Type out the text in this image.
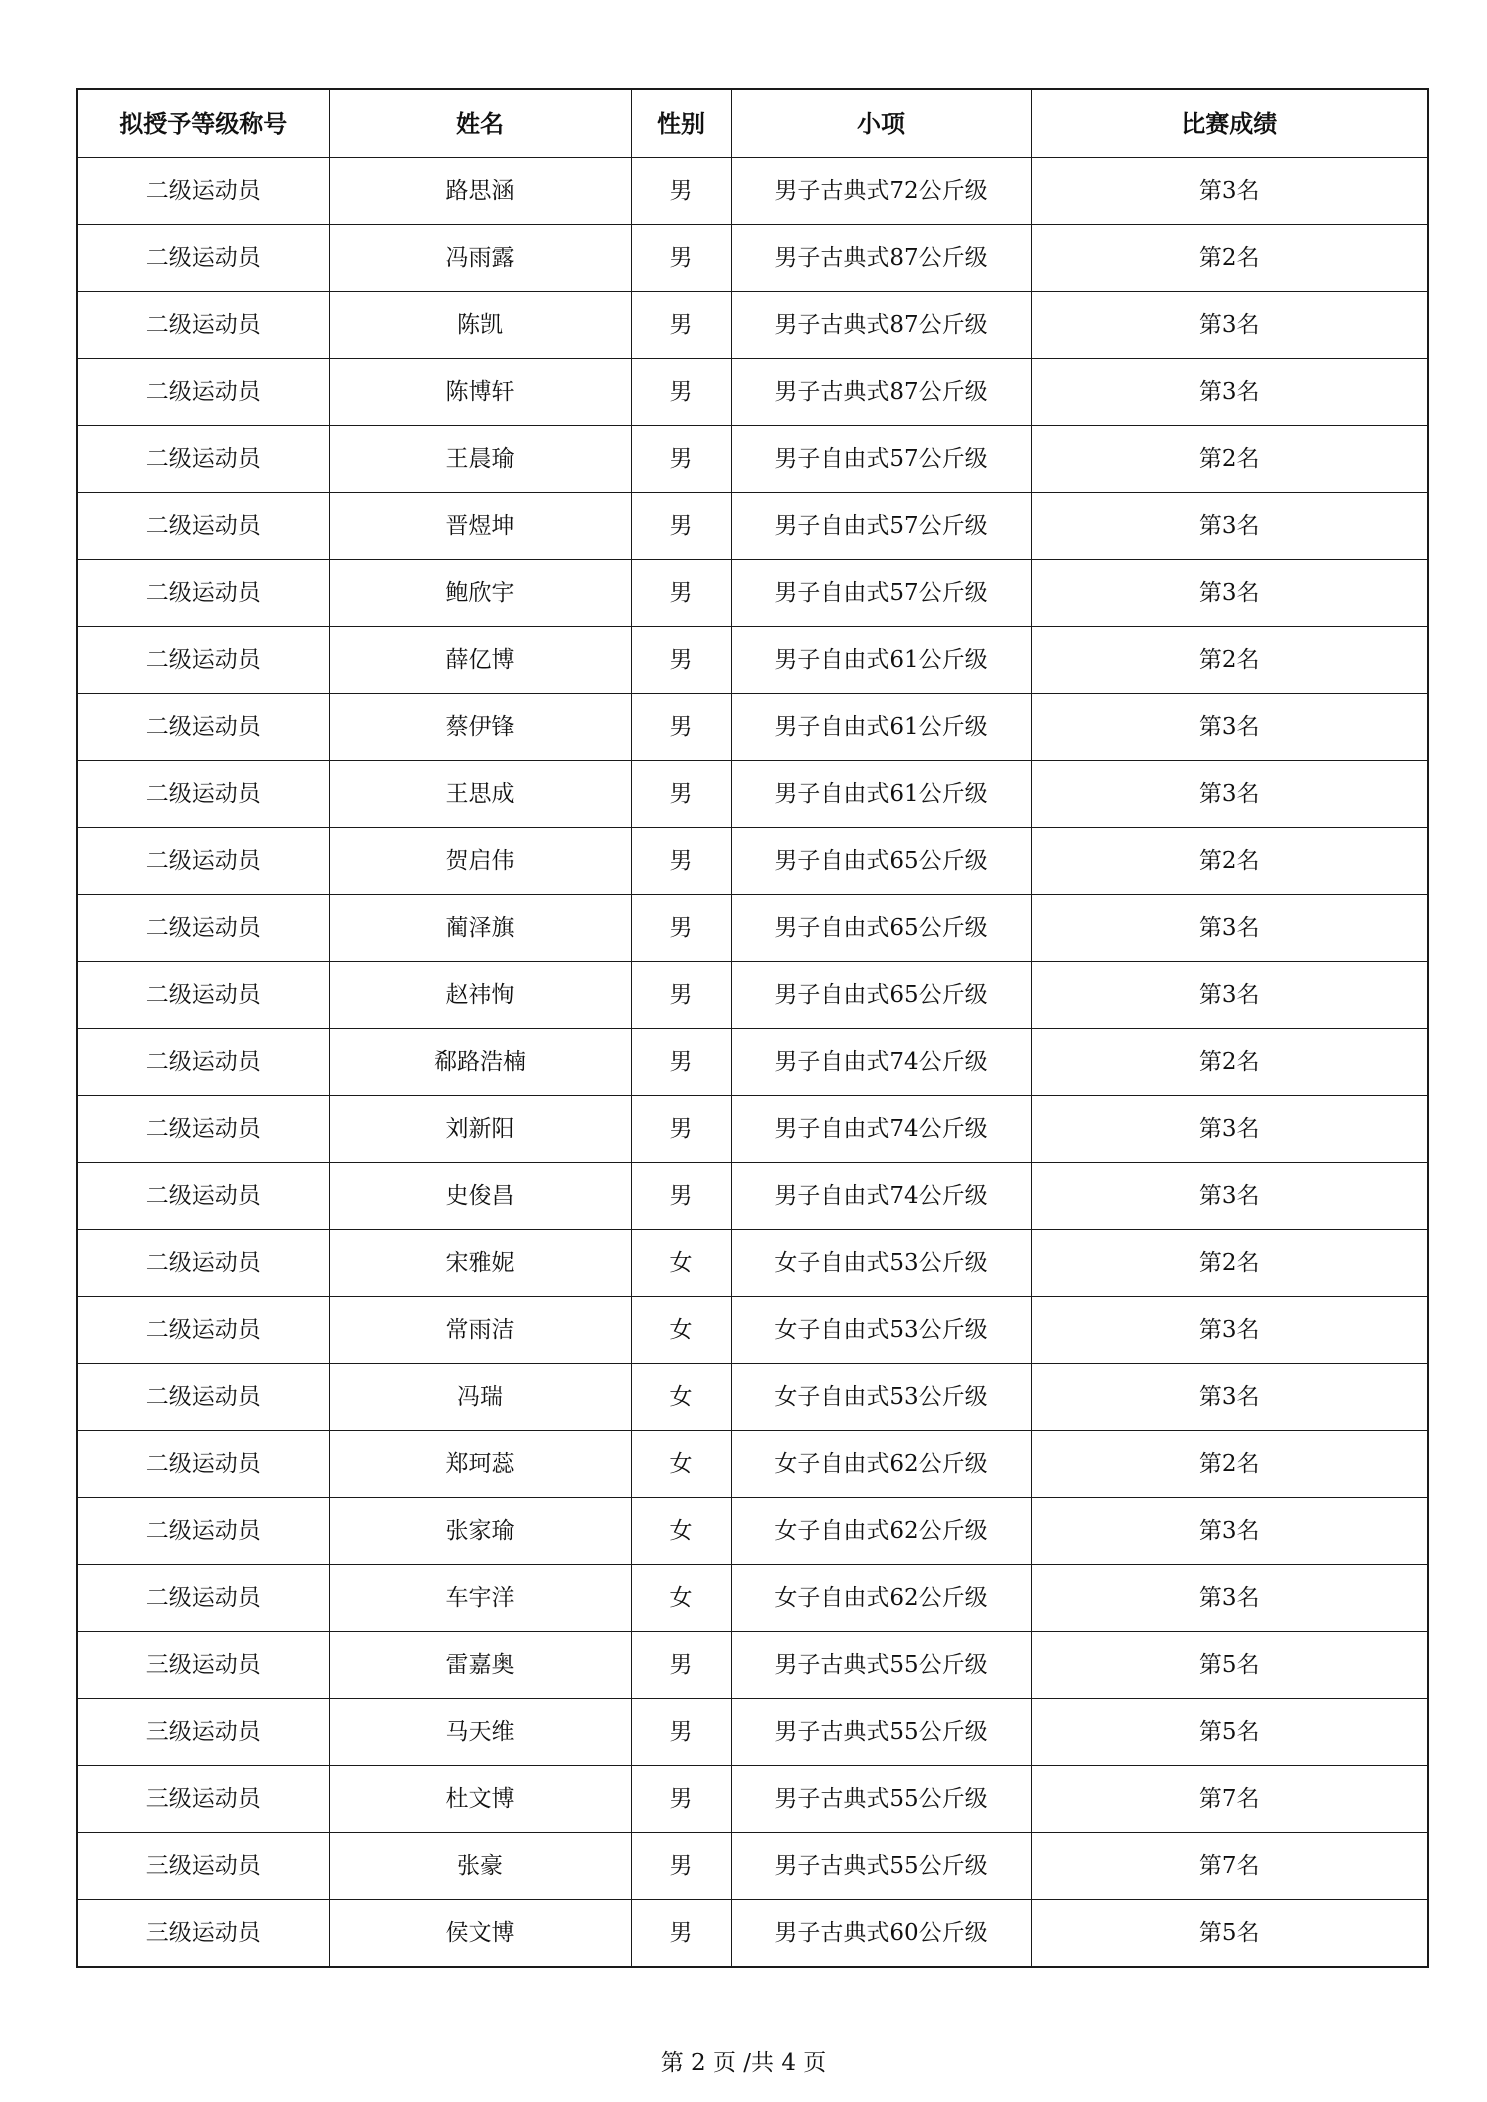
拟授予等级称号	姓名	性别	小项	比赛成绩
二级运动员	路思涵	男	男子古典式72公斤级	第3名
二级运动员	冯雨露	男	男子古典式87公斤级	第2名
二级运动员	陈凯	男	男子古典式87公斤级	第3名
二级运动员	陈博轩	男	男子古典式87公斤级	第3名
二级运动员	王晨瑜	男	男子自由式57公斤级	第2名
二级运动员	晋煜坤	男	男子自由式57公斤级	第3名
二级运动员	鲍欣宇	男	男子自由式57公斤级	第3名
二级运动员	薛亿博	男	男子自由式61公斤级	第2名
二级运动员	蔡伊锋	男	男子自由式61公斤级	第3名
二级运动员	王思成	男	男子自由式61公斤级	第3名
二级运动员	贺启伟	男	男子自由式65公斤级	第2名
二级运动员	蔺泽旗	男	男子自由式65公斤级	第3名
二级运动员	赵祎恂	男	男子自由式65公斤级	第3名
二级运动员	郗路浩楠	男	男子自由式74公斤级	第2名
二级运动员	刘新阳	男	男子自由式74公斤级	第3名
二级运动员	史俊昌	男	男子自由式74公斤级	第3名
二级运动员	宋雅妮	女	女子自由式53公斤级	第2名
二级运动员	常雨洁	女	女子自由式53公斤级	第3名
二级运动员	冯瑞	女	女子自由式53公斤级	第3名
二级运动员	郑珂蕊	女	女子自由式62公斤级	第2名
二级运动员	张家瑜	女	女子自由式62公斤级	第3名
二级运动员	车宇洋	女	女子自由式62公斤级	第3名
三级运动员	雷嘉奥	男	男子古典式55公斤级	第5名
三级运动员	马天维	男	男子古典式55公斤级	第5名
三级运动员	杜文博	男	男子古典式55公斤级	第7名
三级运动员	张豪	男	男子古典式55公斤级	第7名
三级运动员	侯文博	男	男子古典式60公斤级	第5名
第 2 页 /共 4 页
